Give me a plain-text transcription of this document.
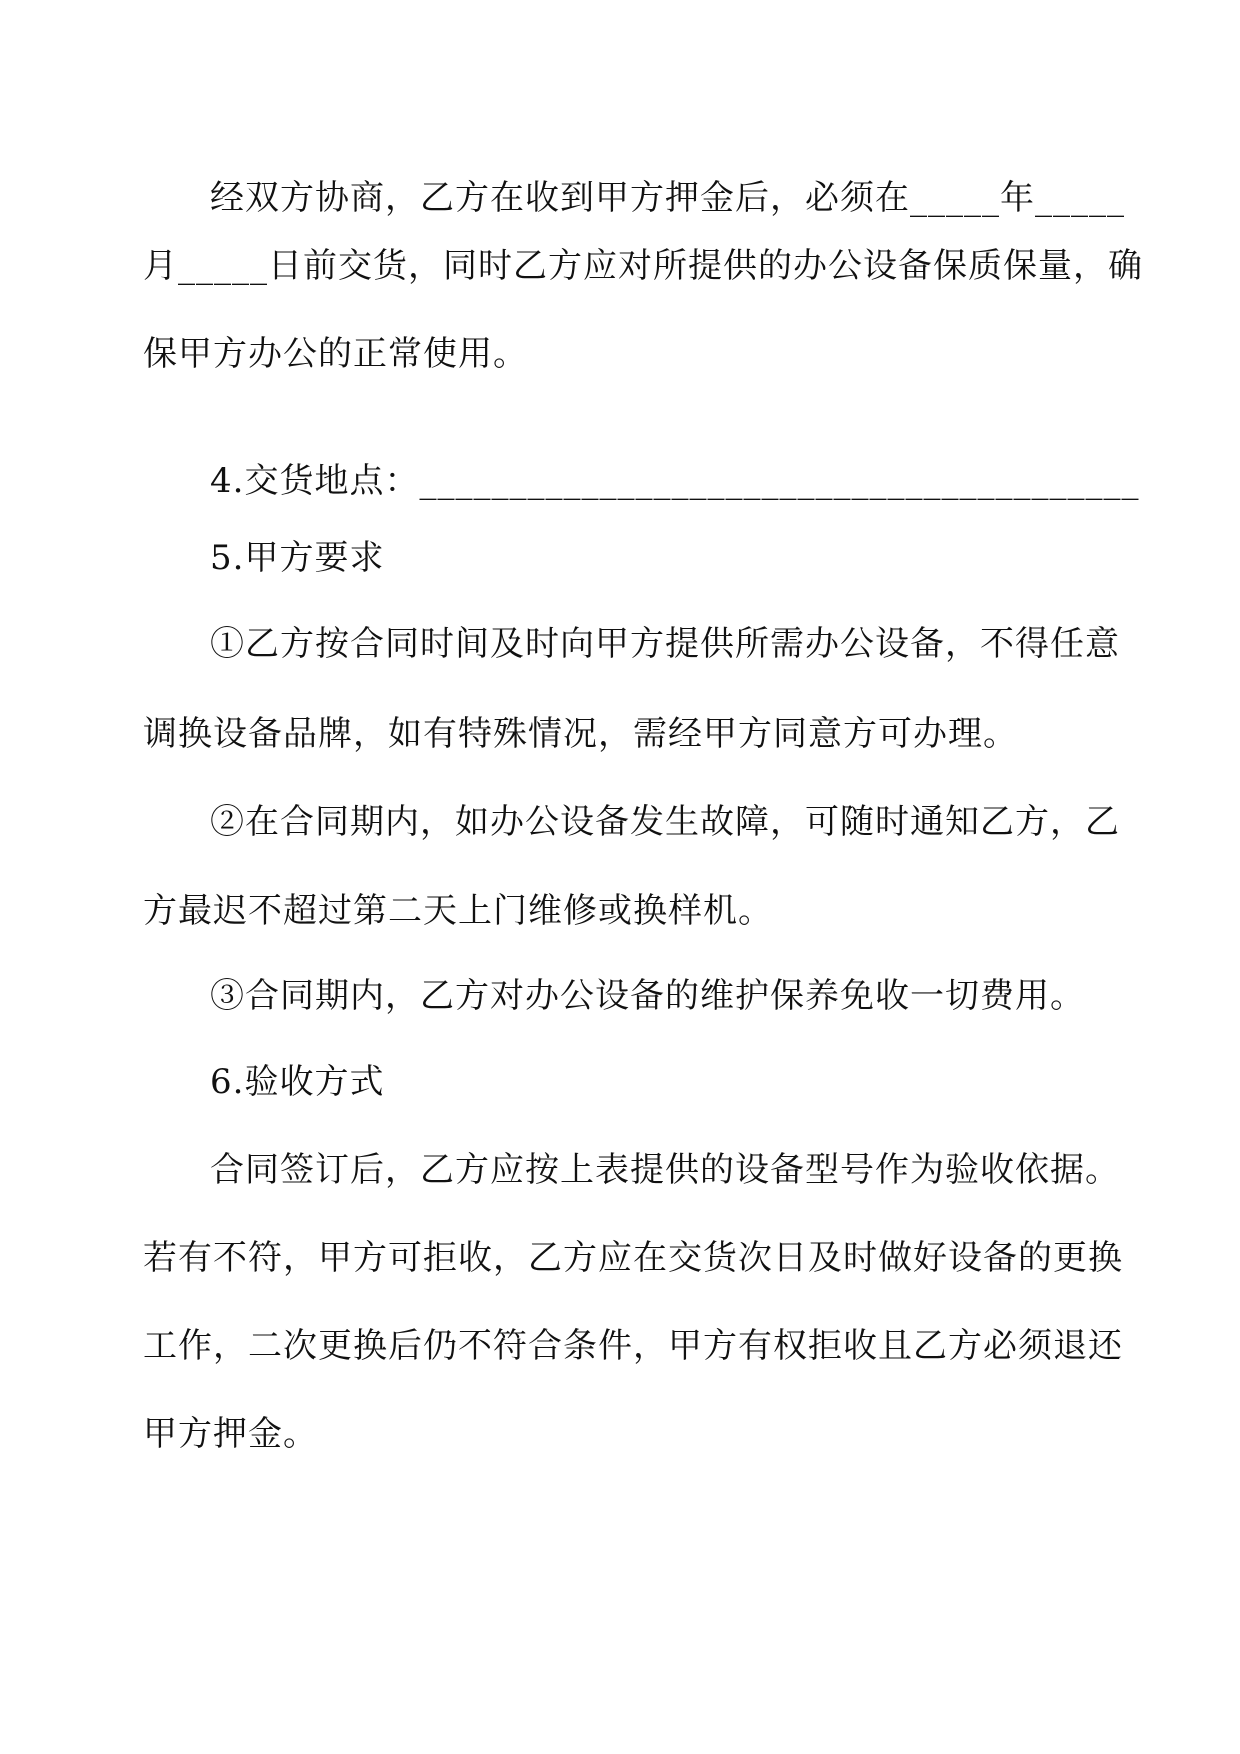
经双方协商，乙方在收到甲方押金后，必须在_____年_____
月_____日前交货，同时乙方应对所提供的办公设备保质保量，确
保甲方办公的正常使用。
4.交货地点：________________________________________
5.甲方要求
①乙方按合同时间及时向甲方提供所需办公设备，不得任意
调换设备品牌，如有特殊情况，需经甲方同意方可办理。
②在合同期内，如办公设备发生故障，可随时通知乙方，乙
方最迟不超过第二天上门维修或换样机。
③合同期内，乙方对办公设备的维护保养免收一切费用。
6.验收方式
合同签订后，乙方应按上表提供的设备型号作为验收依据。
若有不符，甲方可拒收，乙方应在交货次日及时做好设备的更换
工作，二次更换后仍不符合条件，甲方有权拒收且乙方必须退还
甲方押金。
